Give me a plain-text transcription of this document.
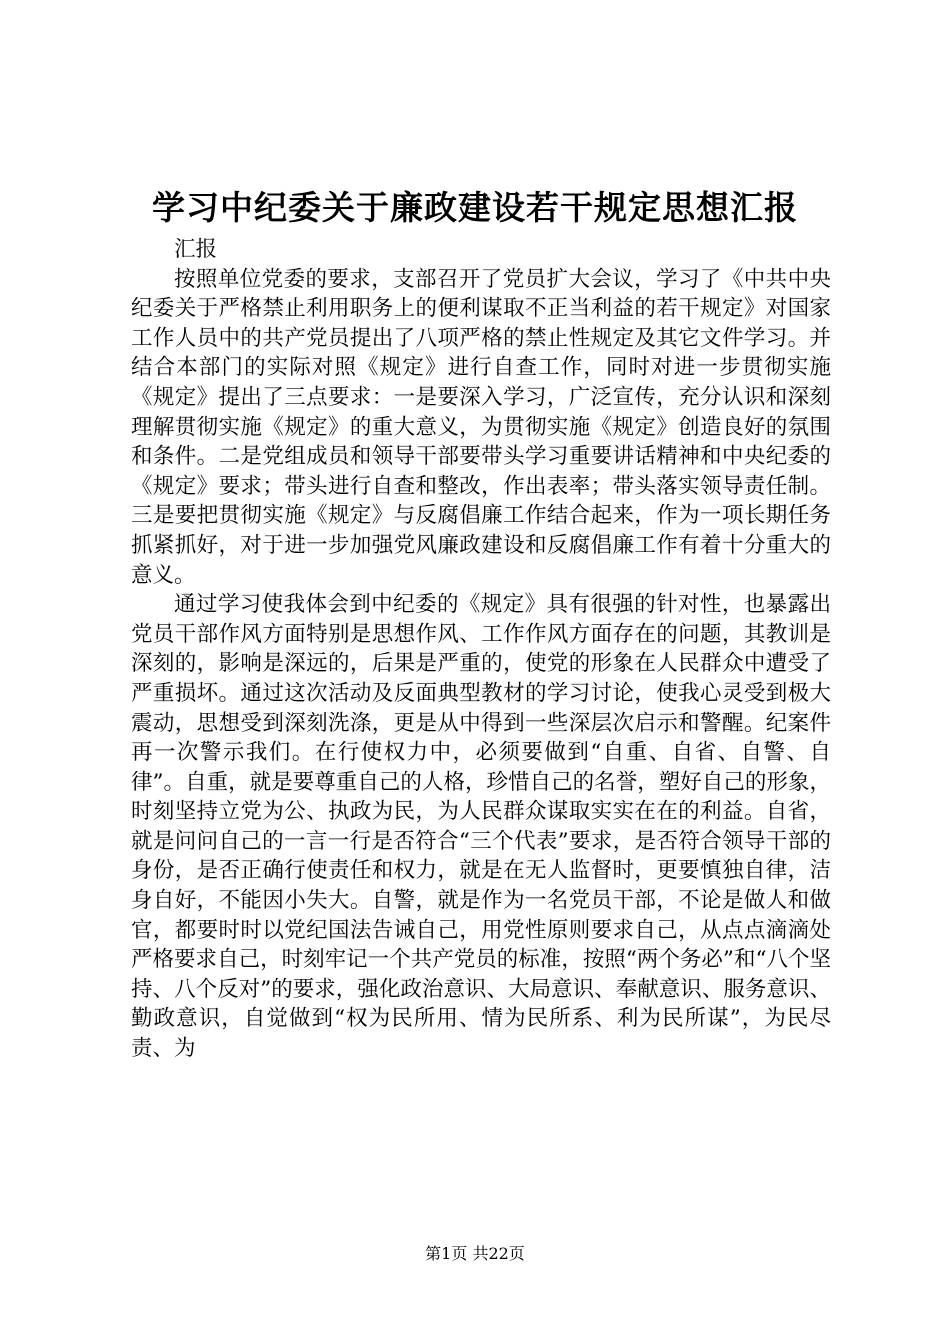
学习中纪委关于廉政建设若干规定思想汇报

汇报

按照单位党委的要求，支部召开了党员扩大会议，学习了《中共中央纪委关于严格禁止利用职务上的便利谋取不正当利益的若干规定》对国家工作人员中的共产党员提出了八项严格的禁止性规定及其它文件学习。并结合本部门的实际对照《规定》进行自查工作，同时对进一步贯彻实施《规定》提出了三点要求：一是要深入学习，广泛宣传，充分认识和深刻理解贯彻实施《规定》的重大意义，为贯彻实施《规定》创造良好的氛围和条件。二是党组成员和领导干部要带头学习重要讲话精神和中央纪委的《规定》要求；带头进行自查和整改，作出表率；带头落实领导责任制。三是要把贯彻实施《规定》与反腐倡廉工作结合起来，作为一项长期任务抓紧抓好，对于进一步加强党风廉政建设和反腐倡廉工作有着十分重大的意义。

通过学习使我体会到中纪委的《规定》具有很强的针对性，也暴露出党员干部作风方面特别是思想作风、工作作风方面存在的问题，其教训是深刻的，影响是深远的，后果是严重的，使党的形象在人民群众中遭受了严重损坏。通过这次活动及反面典型教材的学习讨论，使我心灵受到极大震动，思想受到深刻洗涤，更是从中得到一些深层次启示和警醒。纪案件再一次警示我们。在行使权力中，必须要做到“自重、自省、自警、自律”。自重，就是要尊重自己的人格，珍惜自己的名誉，塑好自己的形象，时刻坚持立党为公、执政为民，为人民群众谋取实实在在的利益。自省，就是问问自己的一言一行是否符合“三个代表”要求，是否符合领导干部的身份，是否正确行使责任和权力，就是在无人监督时，更要慎独自律，洁身自好，不能因小失大。自警，就是作为一名党员干部，不论是做人和做官，都要时时以党纪国法告诫自己，用党性原则要求自己，从点点滴滴处严格要求自己，时刻牢记一个共产党员的标准，按照“两个务必”和“八个坚持、八个反对”的要求，强化政治意识、大局意识、奉献意识、服务意识、勤政意识，自觉做到“权为民所用、情为民所系、利为民所谋”，为民尽责、为

第1页 共22页
